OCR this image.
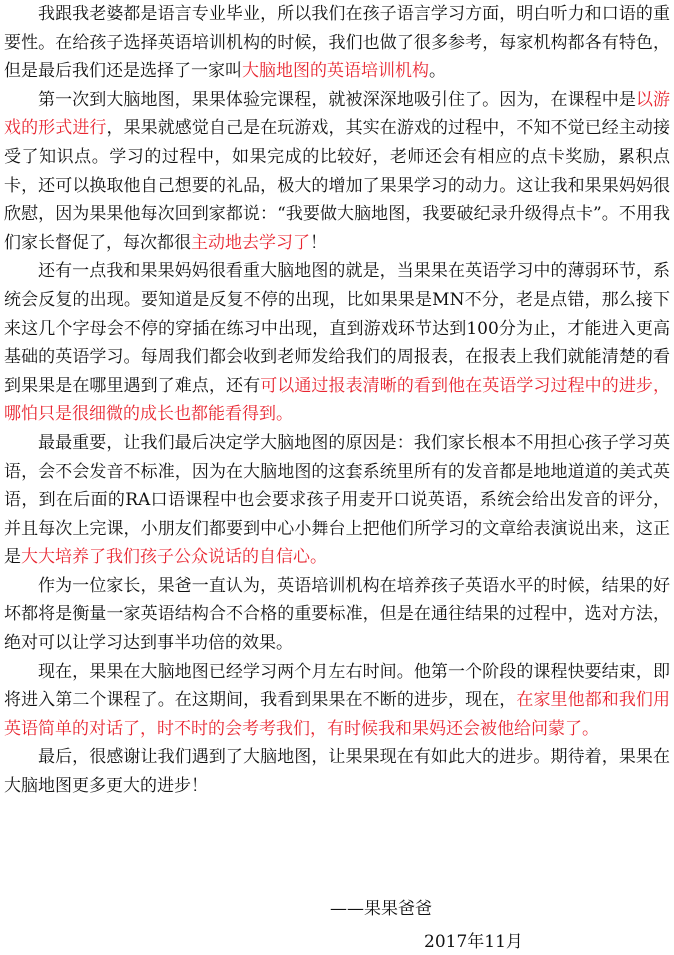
我跟我老婆都是语言专业毕业，所以我们在孩子语言学习方面，明白听力和口语的重要性。在给孩子选择英语培训机构的时候，我们也做了很多参考，每家机构都各有特色，但是最后我们还是选择了一家叫大脑地图的英语培训机构。

第一次到大脑地图，果果体验完课程，就被深深地吸引住了。因为，在课程中是以游戏的形式进行，果果就感觉自己是在玩游戏，其实在游戏的过程中，不知不觉已经主动接受了知识点。学习的过程中，如果完成的比较好，老师还会有相应的点卡奖励，累积点卡，还可以换取他自己想要的礼品，极大的增加了果果学习的动力。这让我和果果妈妈很欣慰，因为果果他每次回到家都说：“我要做大脑地图，我要破纪录升级得点卡”。不用我们家长督促了，每次都很主动地去学习了！

还有一点我和果果妈妈很看重大脑地图的就是，当果果在英语学习中的薄弱环节，系统会反复的出现。要知道是反复不停的出现，比如果果是MN不分，老是点错，那么接下来这几个字母会不停的穿插在练习中出现，直到游戏环节达到100分为止，才能进入更高基础的英语学习。每周我们都会收到老师发给我们的周报表，在报表上我们就能清楚的看到果果是在哪里遇到了难点，还有可以通过报表清晰的看到他在英语学习过程中的进步，哪怕只是很细微的成长也都能看得到。

最最重要，让我们最后决定学大脑地图的原因是：我们家长根本不用担心孩子学习英语，会不会发音不标准，因为在大脑地图的这套系统里所有的发音都是地地道道的美式英语，到在后面的RA口语课程中也会要求孩子用麦开口说英语，系统会给出发音的评分，并且每次上完课，小朋友们都要到中心小舞台上把他们所学习的文章给表演说出来，这正是大大培养了我们孩子公众说话的自信心。

作为一位家长，果爸一直认为，英语培训机构在培养孩子英语水平的时候，结果的好坏都将是衡量一家英语结构合不合格的重要标准，但是在通往结果的过程中，选对方法，绝对可以让学习达到事半功倍的效果。

现在，果果在大脑地图已经学习两个月左右时间。他第一个阶段的课程快要结束，即将进入第二个课程了。在这期间，我看到果果在不断的进步，现在，在家里他都和我们用英语简单的对话了，时不时的会考考我们，有时候我和果妈还会被他给问蒙了。

最后，很感谢让我们遇到了大脑地图，让果果现在有如此大的进步。期待着，果果在大脑地图更多更大的进步！

——果果爸爸
2017年11月
